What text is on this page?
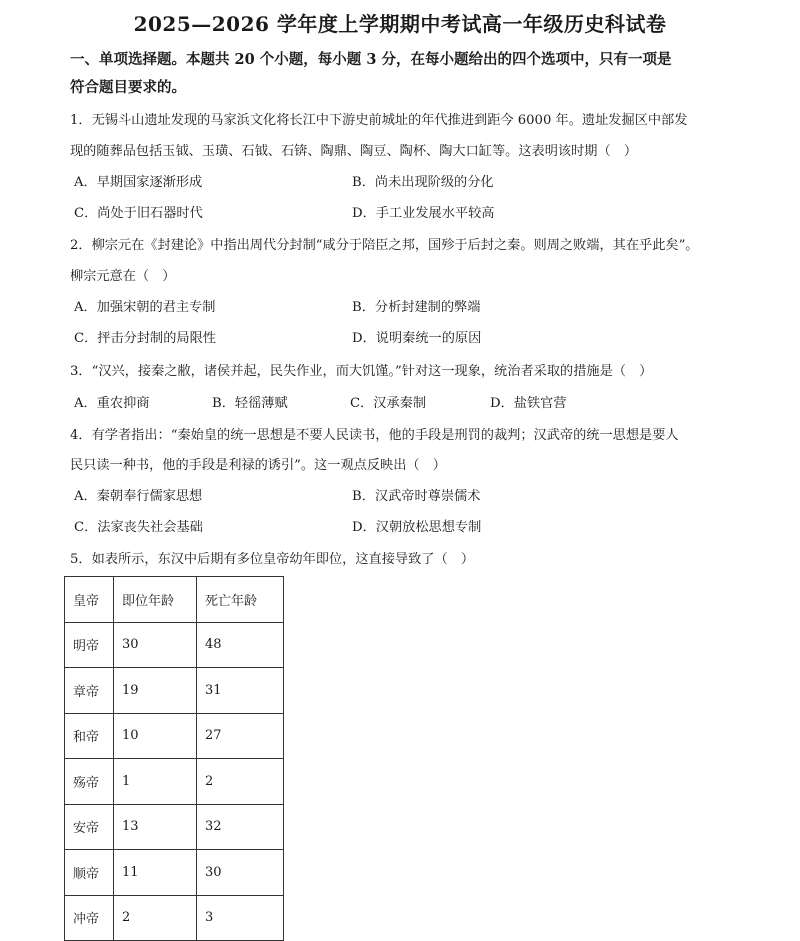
2025—2026 学年度上学期期中考试高一年级历史科试卷
一、单项选择题。本题共 20 个小题，每小题 3 分，在每小题给出的四个选项中，只有一项是
符合题目要求的。
1．无锡斗山遗址发现的马家浜文化将长江中下游史前城址的年代推进到距今 6000 年。遗址发掘区中部发
现的随葬品包括玉钺、玉璜、石钺、石锛、陶鼎、陶豆、陶杯、陶大口缸等。这表明该时期（　）
A．早期国家逐渐形成	B．尚未出现阶级的分化
C．尚处于旧石器时代	D．手工业发展水平较高
2．柳宗元在《封建论》中指出周代分封制“咸分于陪臣之邦，国殄于后封之秦。则周之败端，其在乎此矣”。
柳宗元意在（　）
A．加强宋朝的君主专制	B．分析封建制的弊端
C．抨击分封制的局限性	D．说明秦统一的原因
3．“汉兴，接秦之敝，诸侯并起，民失作业，而大饥馑。”针对这一现象，统治者采取的措施是（　）
A．重农抑商	B．轻徭薄赋	C．汉承秦制	D．盐铁官营
4．有学者指出：“秦始皇的统一思想是不要人民读书，他的手段是刑罚的裁判；汉武帝的统一思想是要人
民只读一种书，他的手段是利禄的诱引”。这一观点反映出（　）
A．秦朝奉行儒家思想	B．汉武帝时尊崇儒术
C．法家丧失社会基础	D．汉朝放松思想专制
5．如表所示，东汉中后期有多位皇帝幼年即位，这直接导致了（　）
皇帝	即位年龄	死亡年龄
明帝	30	48
章帝	19	31
和帝	10	27
殇帝	1	2
安帝	13	32
顺帝	11	30
冲帝	2	3
